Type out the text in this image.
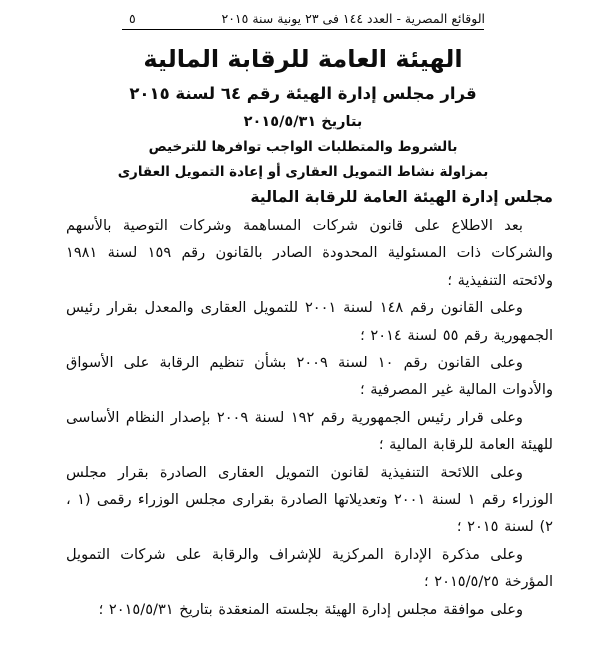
الوقائع المصرية - العدد ١٤٤ فى ٢٣ يونية سنة ٢٠١٥
٥
الهيئة العامة للرقابة المالية
قرار مجلس إدارة الهيئة رقم ٦٤ لسنة ٢٠١٥
بتاريخ ٢٠١٥/٥/٣١
بالشروط والمتطلبات الواجب توافرها للترخيص
بمزاولة نشاط التمويل العقارى أو إعادة التمويل العقارى
مجلس إدارة الهيئة العامة للرقابة المالية

بعد الاطلاع على قانون شركات المساهمة وشركات التوصية بالأسهم والشركات ذات المسئولية المحدودة الصادر بالقانون رقم ١٥٩ لسنة ١٩٨١ ولائحته التنفيذية ؛

وعلى القانون رقم ١٤٨ لسنة ٢٠٠١ للتمويل العقارى والمعدل بقرار رئيس الجمهورية رقم ٥٥ لسنة ٢٠١٤ ؛

وعلى القانون رقم ١٠ لسنة ٢٠٠٩ بشأن تنظيم الرقابة على الأسواق والأدوات المالية غير المصرفية ؛

وعلى قرار رئيس الجمهورية رقم ١٩٢ لسنة ٢٠٠٩ بإصدار النظام الأساسى للهيئة العامة للرقابة المالية ؛

وعلى اللائحة التنفيذية لقانون التمويل العقارى الصادرة بقرار مجلس الوزراء رقم ١ لسنة ٢٠٠١ وتعديلاتها الصادرة بقرارى مجلس الوزراء رقمى (١ ، ٢) لسنة ٢٠١٥ ؛

وعلى مذكرة الإدارة المركزية للإشراف والرقابة على شركات التمويل المؤرخة ٢٠١٥/٥/٢٥ ؛

وعلى موافقة مجلس إدارة الهيئة بجلسته المنعقدة بتاريخ ٢٠١٥/٥/٣١ ؛
